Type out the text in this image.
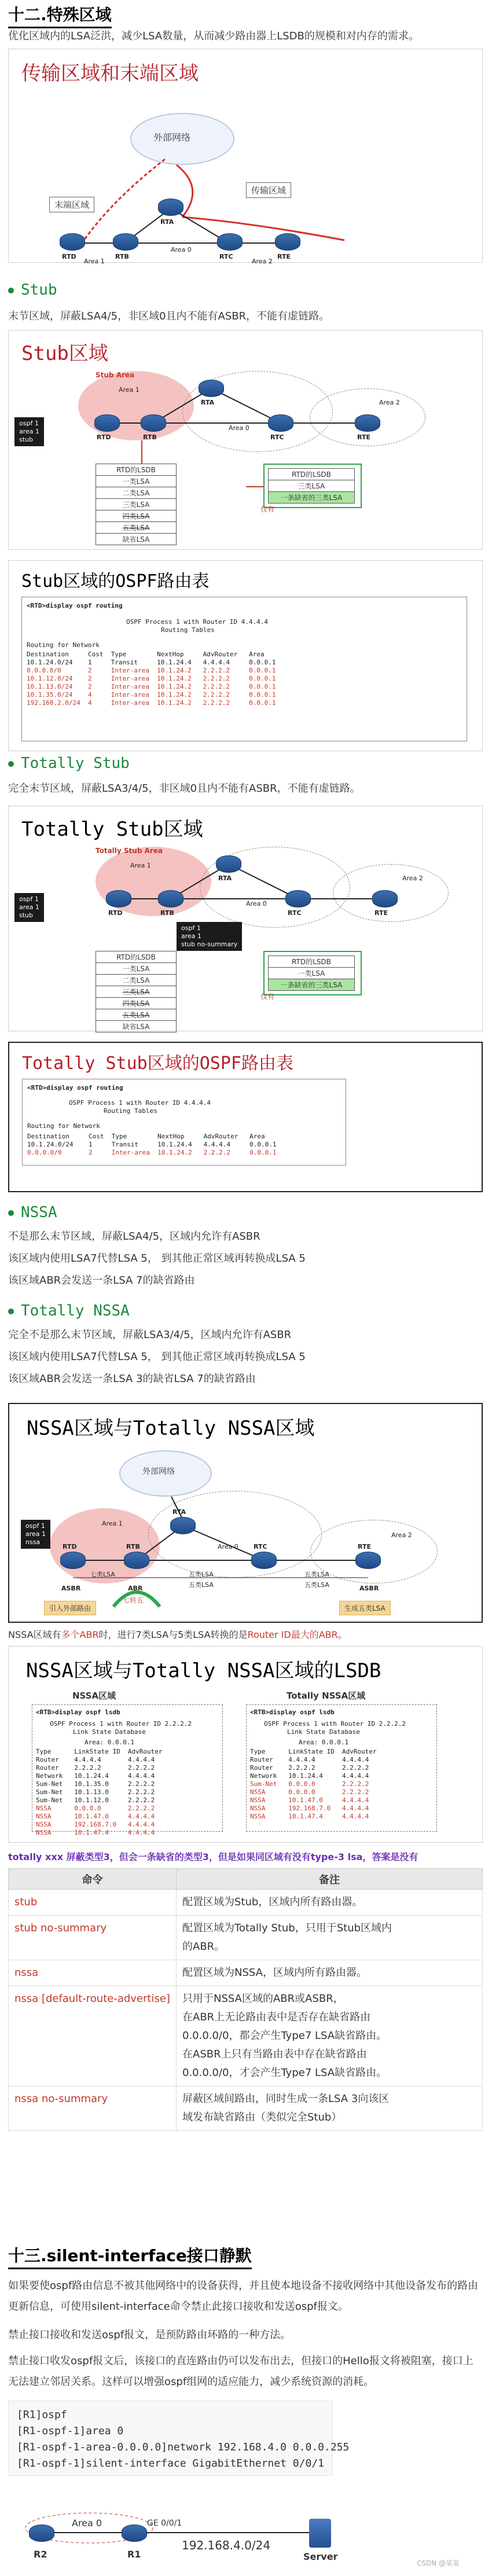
十二.特殊区域
优化区域内的LSA泛洪，减少LSA数量，从而减少路由器上LSDB的规模和对内存的需求。
传输区域和末端区域
外部网络
末端区域
传输区域
RTD	RTB
RTA
RTC	RTE
Area 1
Area 0
Area 2
Stub
末节区域，屏蔽LSA4/5，非区域0且内不能有ASBR，不能有虚链路。
Stub区域
Stub Area
RTD	RTB
RTA
RTC	RTE
Area 1
Area 0
Area 2
ospf 1
area 1
stub
RTD的LSDB
一类LSA
二类LSA
三类LSA
四类LSA
五类LSA
缺省LSA
RTD的LSDB
三类LSA
一条缺省的三类LSA
仅有
Stub区域的OSPF路由表
<RTD>display ospf routing
OSPF Process 1 with Router ID 4.4.4.4
Routing Tables
Routing for Network
Destination     Cost  Type        NextHop     AdvRouter   Area
10.1.24.0/24    1     Transit     10.1.24.4   4.4.4.4     0.0.0.1
0.0.0.0/0       2     Inter-area  10.1.24.2   2.2.2.2     0.0.0.1
10.1.12.0/24    2     Inter-area  10.1.24.2   2.2.2.2     0.0.0.1
10.1.13.0/24    2     Inter-area  10.1.24.2   2.2.2.2     0.0.0.1
10.1.35.0/24    4     Inter-area  10.1.24.2   2.2.2.2     0.0.0.1
192.168.2.0/24  4     Inter-area  10.1.24.2   2.2.2.2     0.0.0.1
Totally Stub
完全末节区域，屏蔽LSA3/4/5，非区域0且内不能有ASBR，不能有虚链路。
Totally Stub区域
Totally Stub Area
RTD	RTB
RTA
RTC	RTE
Area 1
Area 0
Area 2
ospf 1
area 1
stub
ospf 1
area 1
stub no-summary
RTD的LSDB
一类LSA
二类LSA
三类LSA
四类LSA
五类LSA
缺省LSA
RTD的LSDB
一类LSA
一条缺省的三类LSA
仅有
Totally Stub区域的OSPF路由表
<RTD>display ospf routing
OSPF Process 1 with Router ID 4.4.4.4
Routing Tables
Routing for Network
Destination     Cost  Type        NextHop     AdvRouter   Area
10.1.24.0/24    1     Transit     10.1.24.4   4.4.4.4     0.0.0.1
0.0.0.0/0       2     Inter-area  10.1.24.2   2.2.2.2     0.0.0.1
NSSA
不是那么末节区域，屏蔽LSA4/5，区域内允许有ASBR
该区域内使用LSA7代替LSA 5， 到其他正常区域再转换成LSA 5
该区域ABR会发送一条LSA 7的缺省路由
Totally NSSA
完全不是那么末节区域，屏蔽LSA3/4/5，区域内允许有ASBR
该区域内使用LSA7代替LSA 5， 到其他正常区域再转换成LSA 5
该区域ABR会发送一条LSA 3的缺省LSA 7的缺省路由
NSSA区域与Totally NSSA区域
外部网络
RTD	RTB
RTA
RTC	RTE
Area 1
Area 0
Area 2
ospf 1
area 1
nssa
七类LSA	五类LSA	五类LSA
五类LSA	五类LSA
ASBR	ABR	ASBR
七转五
引入外部路由	生成五类LSA
NSSA区域有多个ABR时，进行7类LSA与5类LSA转换的是Router ID最大的ABR。
NSSA区域与Totally NSSA区域的LSDB
NSSA区域	Totally NSSA区域
<RTB>display ospf lsdb
OSPF Process 1 with Router ID 2.2.2.2
Link State Database
Area: 0.0.0.1
Type      LinkState ID  AdvRouter
Router    4.4.4.4       4.4.4.4
Router    2.2.2.2       2.2.2.2
Network   10.1.24.4     4.4.4.4
Sum-Net   10.1.35.0     2.2.2.2
Sum-Net   10.1.13.0     2.2.2.2
Sum-Net   10.1.12.0     2.2.2.2
NSSA      0.0.0.0       2.2.2.2
NSSA      10.1.47.0     4.4.4.4
NSSA      192.168.7.0   4.4.4.4
NSSA      10.1.47.4     4.4.4.4
<RTB>display ospf lsdb
OSPF Process 1 with Router ID 2.2.2.2
Link State Database
Area: 0.0.0.1
Type      LinkState ID  AdvRouter
Router    4.4.4.4       4.4.4.4
Router    2.2.2.2       2.2.2.2
Network   10.1.24.4     4.4.4.4
Sum-Net   0.0.0.0       2.2.2.2
NSSA      0.0.0.0       2.2.2.2
NSSA      10.1.47.0     4.4.4.4
NSSA      192.168.7.0   4.4.4.4
NSSA      10.1.47.4     4.4.4.4
totally xxx 屏蔽类型3，但会一条缺省的类型3，但是如果同区域有没有type-3 lsa，答案是没有
命令	备注
stub	配置区域为Stub，区域内所有路由器。

stub no-summary	配置区域为Totally Stub，只用于Stub区域内
的ABR。

nssa	配置区域为NSSA，区域内所有路由器。

nssa [default-route-advertise]	只用于NSSA区域的ABR或ASBR，
在ABR上无论路由表中是否存在缺省路由
0.0.0.0/0，都会产生Type7 LSA缺省路由。
在ASBR上只有当路由表中存在缺省路由
0.0.0.0/0，才会产生Type7 LSA缺省路由。

nssa no-summary	屏蔽区域间路由，同时生成一条LSA 3向该区
域发布缺省路由（类似完全Stub）
十三.silent-interface接口静默
如果要使ospf路由信息不被其他网络中的设备获得，并且使本地设备不接收网络中其他设备发布的路由更新信息，可使用silent-interface命令禁止此接口接收和发送ospf报文。
禁止接口接收和发送ospf报文，是预防路由环路的一种方法。
禁止接口收发ospf报文后，该接口的直连路由仍可以发布出去，但接口的Hello报文将被阻塞，接口上无法建立邻居关系。这样可以增强ospf组网的适应能力，减少系统资源的消耗。
[R1]ospf
[R1-ospf-1]area 0
[R1-ospf-1-area-0.0.0.0]network 192.168.4.0 0.0.0.255
[R1-ospf-1]silent-interface GigabitEthernet 0/0/1
Area 0	GE 0/0/1
192.168.4.0/24
R2	R1	Server
CSDN @某某
